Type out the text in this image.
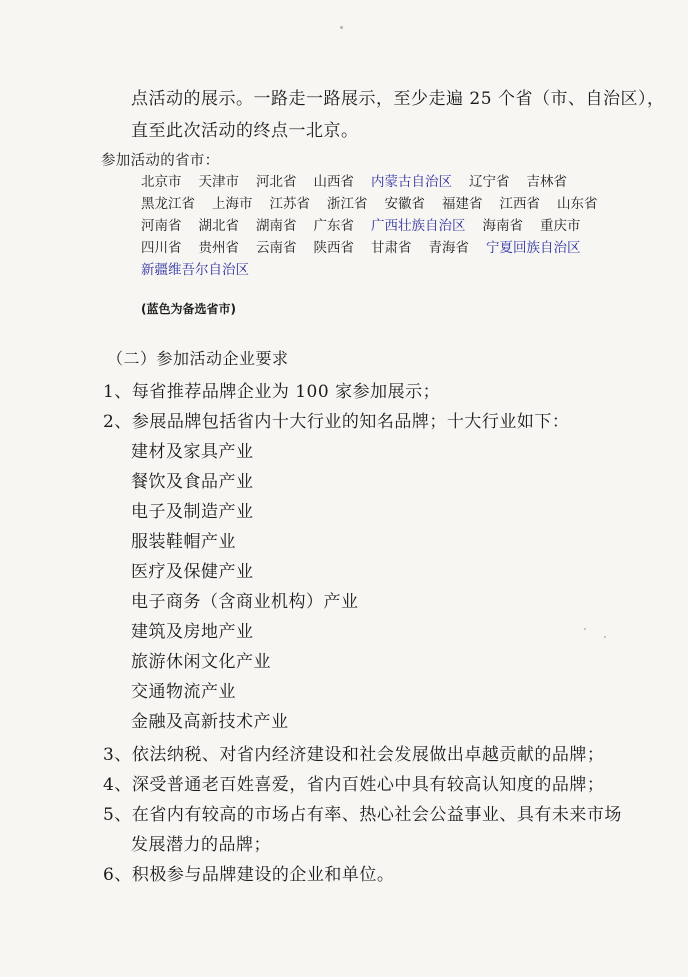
点活动的展示。一路走一路展示，至少走遍 25 个省（市、自治区），
直至此次活动的终点一北京。
参加活动的省市：
北京市 天津市 河北省 山西省 内蒙古自治区 辽宁省 吉林省
黑龙江省 上海市 江苏省 浙江省 安徽省 福建省 江西省 山东省
河南省 湖北省 湖南省 广东省 广西壮族自治区 海南省 重庆市
四川省 贵州省 云南省 陕西省 甘肃省 青海省 宁夏回族自治区
新疆维吾尔自治区
(蓝色为备选省市)
（二）参加活动企业要求
1、每省推荐品牌企业为 100 家参加展示；
2、参展品牌包括省内十大行业的知名品牌；十大行业如下：
建材及家具产业
餐饮及食品产业
电子及制造产业
服装鞋帽产业
医疗及保健产业
电子商务（含商业机构）产业
建筑及房地产业
旅游休闲文化产业
交通物流产业
金融及高新技术产业
3、依法纳税、对省内经济建设和社会发展做出卓越贡献的品牌；
4、深受普通老百姓喜爱，省内百姓心中具有较高认知度的品牌；
5、在省内有较高的市场占有率、热心社会公益事业、具有未来市场
发展潜力的品牌；
6、积极参与品牌建设的企业和单位。
